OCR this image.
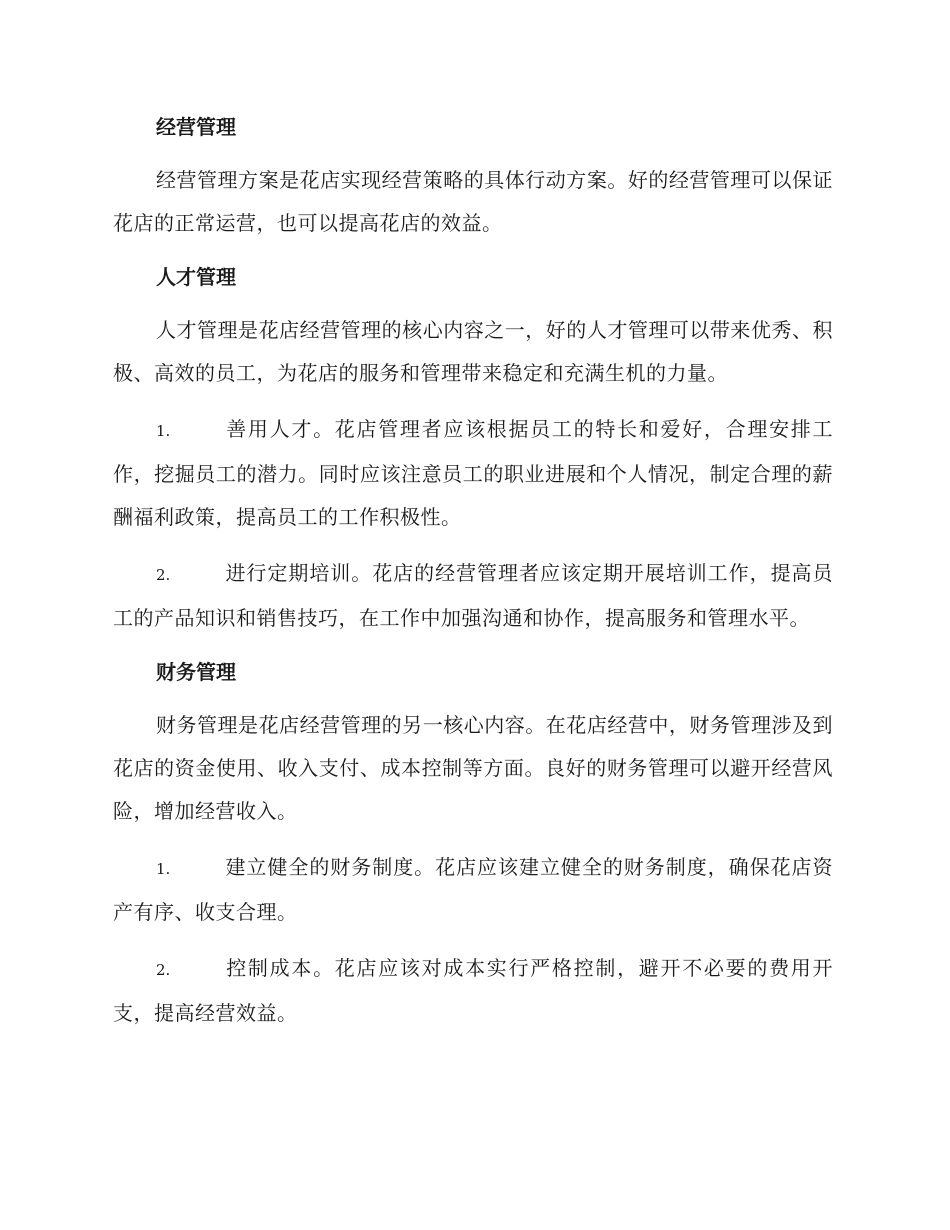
经营管理

经营管理方案是花店实现经营策略的具体行动方案。好的经营管理可以保证花店的正常运营，也可以提高花店的效益。

人才管理

人才管理是花店经营管理的核心内容之一，好的人才管理可以带来优秀、积极、高效的员工，为花店的服务和管理带来稳定和充满生机的力量。

1.	善用人才。花店管理者应该根据员工的特长和爱好，合理安排工作，挖掘员工的潜力。同时应该注意员工的职业进展和个人情况，制定合理的薪酬福利政策，提高员工的工作积极性。

2.	进行定期培训。花店的经营管理者应该定期开展培训工作，提高员工的产品知识和销售技巧，在工作中加强沟通和协作，提高服务和管理水平。

财务管理

财务管理是花店经营管理的另一核心内容。在花店经营中，财务管理涉及到花店的资金使用、收入支付、成本控制等方面。良好的财务管理可以避开经营风险，增加经营收入。

1.	建立健全的财务制度。花店应该建立健全的财务制度，确保花店资产有序、收支合理。

2.	控制成本。花店应该对成本实行严格控制，避开不必要的费用开支，提高经营效益。
